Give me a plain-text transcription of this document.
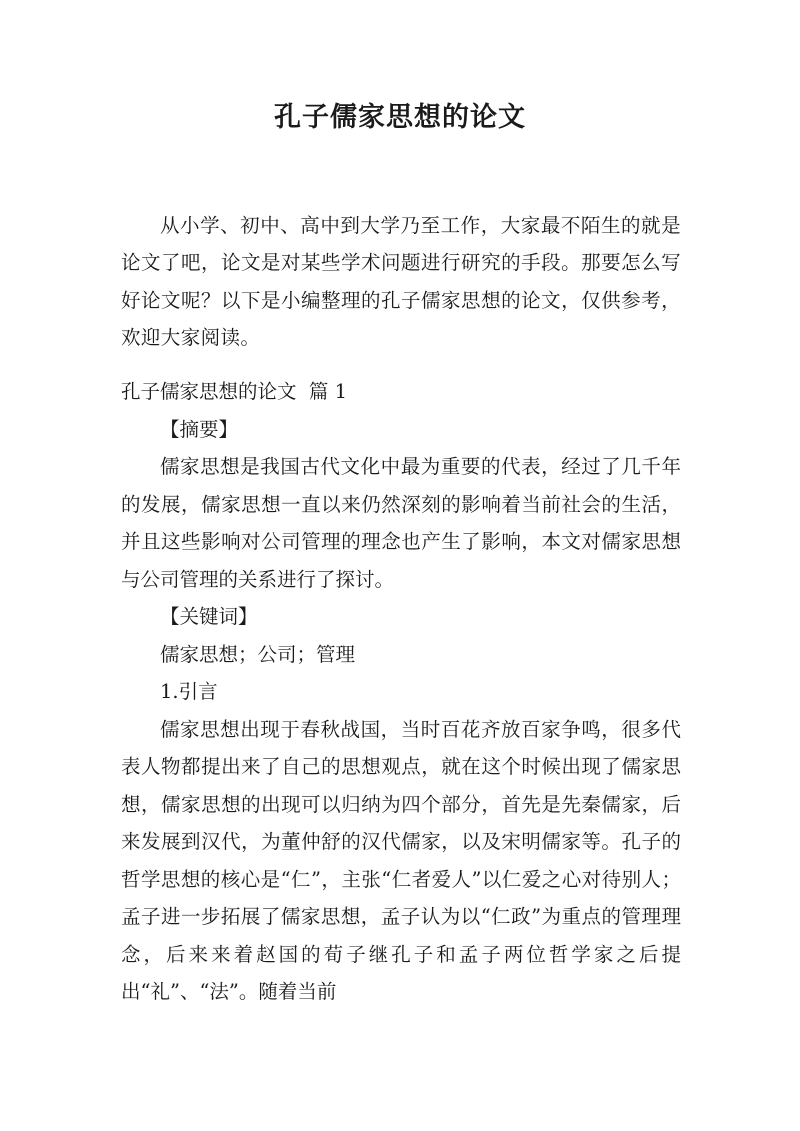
孔子儒家思想的论文

从小学、初中、高中到大学乃至工作，大家最不陌生的就是论文了吧，论文是对某些学术问题进行研究的手段。那要怎么写好论文呢？以下是小编整理的孔子儒家思想的论文，仅供参考，欢迎大家阅读。

孔子儒家思想的论文  篇 1

【摘要】

儒家思想是我国古代文化中最为重要的代表，经过了几千年的发展，儒家思想一直以来仍然深刻的影响着当前社会的生活，并且这些影响对公司管理的理念也产生了影响，本文对儒家思想与公司管理的关系进行了探讨。

【关键词】

儒家思想；公司；管理

1.引言

儒家思想出现于春秋战国，当时百花齐放百家争鸣，很多代表人物都提出来了自己的思想观点，就在这个时候出现了儒家思想，儒家思想的出现可以归纳为四个部分，首先是先秦儒家，后来发展到汉代，为董仲舒的汉代儒家，以及宋明儒家等。孔子的哲学思想的核心是“仁”，主张“仁者爱人”以仁爱之心对待别人；孟子进一步拓展了儒家思想，孟子认为以“仁政”为重点的管理理念，后来来着赵国的荀子继孔子和孟子两位哲学家之后提出“礼”、“法”。随着当前
